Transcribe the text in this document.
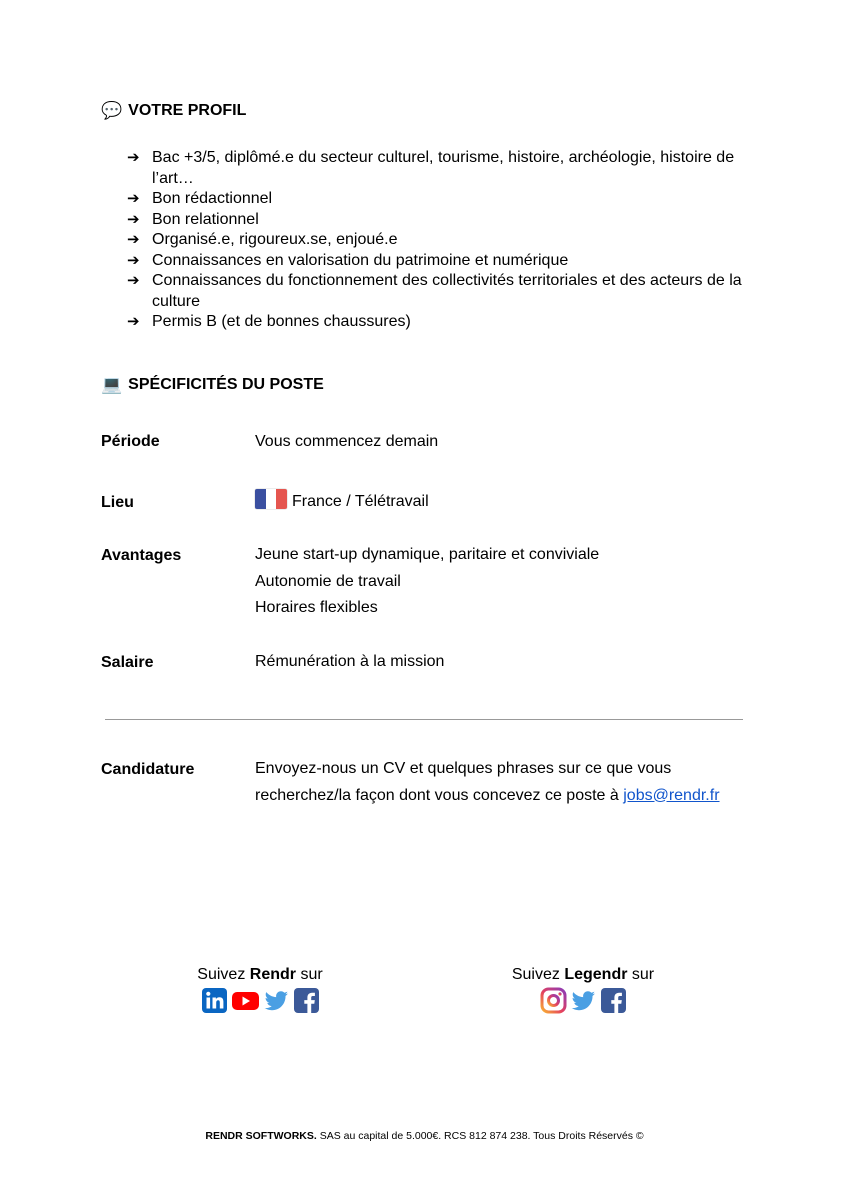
💬 VOTRE PROFIL
➔ Bac +3/5, diplômé.e du secteur culturel, tourisme, histoire, archéologie, histoire de l’art…
➔ Bon rédactionnel
➔ Bon relationnel
➔ Organisé.e, rigoureux.se, enjoué.e
➔ Connaissances en valorisation du patrimoine et numérique
➔ Connaissances du fonctionnement des collectivités territoriales et des acteurs de la culture
➔ Permis B (et de bonnes chaussures)
💻 SPÉCIFICITÉS DU POSTE
Période	Vous commencez demain
Lieu	France / Télétravail
Avantages	Jeune start-up dynamique, paritaire et conviviale
Autonomie de travail
Horaires flexibles
Salaire	Rémunération à la mission
Candidature	Envoyez-nous un CV et quelques phrases sur ce que vous
recherchez/la façon dont vous concevez ce poste à jobs@rendr.fr
Suivez Rendr sur	Suivez Legendr sur
RENDR SOFTWORKS. SAS au capital de 5.000€. RCS 812 874 238. Tous Droits Réservés ©
